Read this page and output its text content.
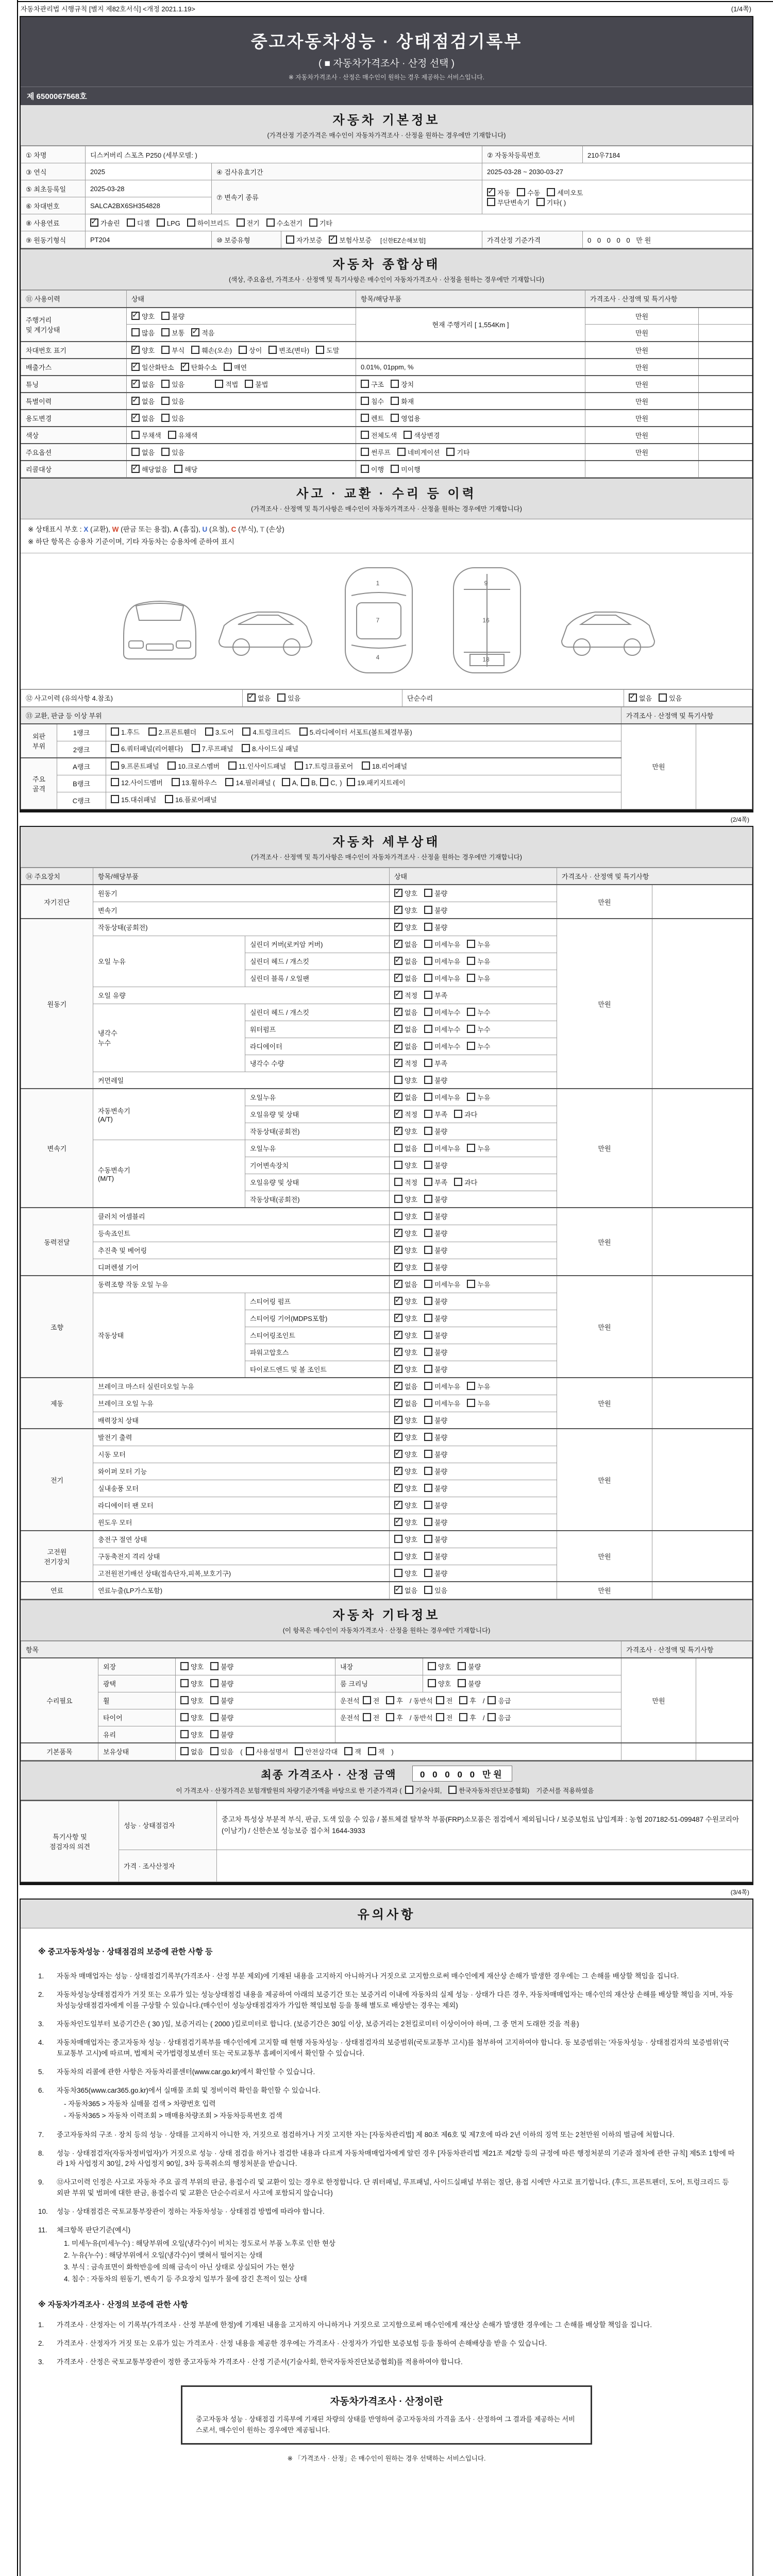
자동차관리법 시행규칙 [별지 제82호서식] <개정 2021.1.19>	(1/4쪽)
중고자동차성능 · 상태점검기록부
( ■ 자동차가격조사 · 산정 선택 )
※ 자동차가격조사 · 산정은 매수인이 원하는 경우 제공하는 서비스입니다.
제 6500067568호
자동차 기본정보
(가격산정 기준가격은 매수인이 자동차가격조사 · 산정을 원하는 경우에만 기재합니다)
① 차명	디스커버리 스포츠 P250 (세부모델: )			② 자동차등록번호	210우7184
③ 연식	2025	④ 검사유효기간		2025-03-28 ~ 2030-03-27	
⑤ 최초등록일	2025-03-28	⑦ 변속기 종류	✓자동 수동 세미오토
무단변속기 기타( )
⑥ 차대번호	SALCA2BX6SH354828				
⑧ 사용연료	✓가솔린 디젤 LPG 하이브리드 전기 수소전기 기타
⑨ 원동기형식	PT204	⑩ 보증유형	자가보증 ✓ 보험사보증 [신한EZ손해보험]	가격산정 기준가격	0 0 0 0 0 만원
자동차 종합상태
(색상, 주요옵션, 가격조사 · 산정액 및 특기사항은 매수인이 자동차가격조사 · 산정을 원하는 경우에만 기재합니다)
⑪ 사용이력	상태	항목/해당부품	가격조사 · 산정액 및 특기사항	
주행거리
및 계기상태	✓양호 불량	현재 주행거리 [ 1,554Km ]	만원	
	많음 보통 ✓ 적음		만원	
차대번호 표기	✓양호 부식 훼손(오손) 상이 변조(변타) 도말		만원	
배출가스	✓일산화탄소 ✓ 탄화수소 매연	0.01%, 01ppm, %	만원	
튜닝	✓없음 있음 적법 불법	구조 장치	만원	
특별이력	✓없음 있음	침수 화재	만원	
용도변경	✓없음 있음	렌트 영업용	만원	
색상	무채색 유채색	전체도색 색상변경	만원	
주요옵션	없음 있음	썬루프 네비게이션 기타	만원	
리콜대상	✓해당없음 해당	이행 미이행		
사고 · 교환 · 수리 등 이력
(가격조사 · 산정액 및 특기사항은 매수인이 자동차가격조사 · 산정을 원하는 경우에만 기재합니다)
※ 상태표시 부호 : X (교환), W (판금 또는 용접), A (흠집), U (요철), C (부식), T (손상)
※ 하단 항목은 승용차 기준이며, 기타 자동차는 승용차에 준하여 표시
1
7
4
9
16
18
⑫ 사고이력 (유의사항 4.참조)	✓없음	있음	단순수리	✓없음	있음
⑬ 교환, 판금 등 이상 부위			가격조사 · 산정액 및 특기사항	
외판
부위	1랭크	1.후드 2.프론트휀더 3.도어 4.트렁크리드 5.라디에이터 서포트(볼트체결부품)	만원	
	2랭크	6.쿼터패널(리어휀다) 7.루프패널 8.사이드실 패널		
주요
골격	A랭크	9.프론트패널 10.크로스멤버 11.인사이드패널 17.트렁크플로어 18.리어패널		
	B랭크	12.사이드멤버 13.휠하우스 14.필러패널 ( A, B, C, ) 19.패키지트레이		
	C랭크	15.대쉬패널 16.플로어패널		
(2/4쪽)
자동차 세부상태
(가격조사 · 산정액 및 특기사항은 매수인이 자동차가격조사 · 산정을 원하는 경우에만 기재합니다)
⑭ 주요장치	항목/해당부품		상태	가격조사 · 산정액 및 특기사항	
자기진단	원동기	✓양호 불량	만원	
	변속기	✓양호 불량
원동기	작동상태(공회전)	✓양호 불량	만원	
	오일 누유	실린더 커버(로커암 커버)	✓없음 미세누유 누유
		실린더 헤드 / 개스킷	✓없음 미세누유 누유
		실린더 블록 / 오일팬	✓없음 미세누유 누유
	오일 유량	✓적정 부족
	냉각수
누수	실린더 헤드 / 개스킷	✓없음 미세누수 누수
		워터펌프	✓없음 미세누수 누수
		라디에이터	✓없음 미세누수 누수
		냉각수 수량	✓적정 부족
	커먼레일		양호 불량		
변속기	자동변속기
(A/T)	오일누유	✓없음 미세누유 누유	만원	
		오일유량 및 상태	✓적정 부족 과다
		작동상태(공회전)	✓양호 불량
	수동변속기
(M/T)	오일누유	없음 미세누유 누유		
		기어변속장치	양호 불량		
		오일유량 및 상태	적정 부족 과다		
		작동상태(공회전)	양호 불량		
동력전달	클러치 어셈블리		양호 불량	만원	
	등속죠인트	✓양호 불량
	추진축 및 베어링	✓양호 불량
	디퍼렌셜 기어	✓양호 불량
조향	동력조향 작동 오일 누유	✓없음 미세누유 누유	만원	
	작동상태	스티어링 펌프	✓양호 불량
		스티어링 기어(MDPS포함)	✓양호 불량
		스티어링조인트	✓양호 불량
		파워고압호스	✓양호 불량
		타이로드엔드 및 볼 조인트	✓양호 불량
제동	브레이크 마스터 실린더오일 누유	✓없음 미세누유 누유	만원	
	브레이크 오일 누유	✓없음 미세누유 누유
	배력장치 상태	✓양호 불량
전기	발전기 출력	✓양호 불량	만원	
	시동 모터	✓양호 불량
	와이퍼 모터 기능	✓양호 불량
	실내송풍 모터	✓양호 불량
	라디에이터 팬 모터	✓양호 불량
	윈도우 모터	✓양호 불량
고전원
전기장치	충전구 절연 상태		양호 불량	만원	
	구동축전지 격리 상태		양호 불량		
	고전원전기배선 상태(접속단자,피복,보호기구)		양호 불량		
연료	연료누출(LP가스포함)	✓없음 있음	만원	
자동차 기타정보
(이 항목은 매수인이 자동차가격조사 · 산정을 원하는 경우에만 기재합니다)
항목					가격조사 · 산정액 및 특기사항	
수리필요	외장	양호 불량	내장	양호 불량	만원	
	광택	양호 불량	룸 크리닝	양호 불량		
	휠	양호 불량	운전석 전 후 / 동반석 전 후 / 응급			
	타이어	양호 불량	운전석 전 후 / 동반석 전 후 / 응급			
	유리	양호 불량				
기본품목	보유상태	없음 있음 ( 사용설명서 안전삼각대 잭 잭 )				
최종 가격조사 · 산정 금액	0 0 0 0 0 만원
이 가격조사 · 산정가격은 보험개발원의 차량기준가액을 바탕으로 한 기준가격과 ( 기술사회,	한국자동차진단보증협회) 기준서를 적용하였음
특기사항 및
점검자의 의견	성능 · 상태점검자	중고차 특성상 부분적 부식, 판금, 도색 있을 수 있음 / 볼트체결 탈부착 부품(FRP)소모품은 점검에서 제외됩니다 / 보증보험료 납입계좌 : 농협 207182-51-099487 수원코리아(이남기) / 신한손보 성능보증 접수처 1644-3933
	가격 · 조사산정자	
(3/4쪽)
유의사항
※ 중고자동차성능 · 상태점검의 보증에 관한 사항 등
1.	자동차 매매업자는 성능 · 상태점검기록부(가격조사 · 산정 부분 제외)에 기재된 내용을 고지하지 아니하거나 거짓으로 고지함으로써 매수인에게 재산상 손해가 발생한 경우에는 그 손해를 배상할 책임을 집니다.
2.	자동차성능상태점검자가 거짓 또는 오류가 있는 성능상태점검 내용을 제공하여 아래의 보증기간 또는 보증거리 이내에 자동차의 실제 성능 · 상태가 다른 경우, 자동차매매업자는 매수인의 재산상 손해를 배상할 책임을 지며, 자동차성능상태점검자에게 이를 구상할 수 있습니다.(매수인이 성능상태점검자가 가입한 책임보험 등을 통해 별도로 배상받는 경우는 제외)
3.	자동차인도일부터 보증기간은 ( 30 )일, 보증거리는 ( 2000 )킬로미터로 합니다. (보증기간은 30일 이상, 보증거리는 2천킬로미터 이상이어야 하며, 그 중 먼저 도래한 것을 적용)
4.	자동차매매업자는 중고자동차 성능 · 상태점검기록부를 매수인에게 고지할 때 현행 자동차성능 · 상태점검자의 보증범위(국토교통부 고시)를 첨부하여 고지하여야 합니다. 동 보증범위는 '자동차성능 · 상태점검자의 보증범위'(국토교통부 고시)에 따르며, 법제처 국가법령정보센터 또는 국토교통부 홈페이지에서 확인할 수 있습니다.
5.	자동차의 리콜에 관한 사항은 자동차리콜센터(www.car.go.kr)에서 확인할 수 있습니다.
6.	자동차365(www.car365.go.kr)에서 실매물 조회 및 정비이력 확인을 확인할 수 있습니다.
- 자동차365 > 자동차 실매물 검색 > 차량번호 입력
- 자동차365 > 자동차 이력조회 > 매매용차량조회 > 자동차등록번호 검색
7.	중고자동차의 구조 · 장치 등의 성능 · 상태를 고지하지 아니한 자, 거짓으로 점검하거나 거짓 고지한 자는 [자동차관리법] 제 80조 제6호 및 제7호에 따라 2년 이하의 징역 또는 2천만원 이하의 벌금에 처합니다.
8.	성능 · 상태점검자(자동차정비업자)가 거짓으로 성능 · 상태 점검을 하거나 점검한 내용과 다르게 자동차매매업자에게 알린 경우 [자동차관리법 제21조 제2항 등의 규정에 따른 행정처분의 기준과 절차에 관한 규칙] 제5조 1항에 따라 1차 사업정지 30일, 2차 사업정지 90일, 3차 등록취소의 행정처분을 받습니다.
9.	⑫사고이력 인정은 사고로 자동차 주요 골격 부위의 판금, 용접수리 및 교환이 있는 경우로 한정합니다. 단 쿼터패널, 루프패널, 사이드실패널 부위는 절단, 용접 시에만 사고로 표기합니다. (후드, 프론트펜더, 도어, 트렁크리드 등 외판 부위 및 범퍼에 대한 판금, 용접수리 및 교환은 단순수리로서 사고에 포함되지 않습니다)
10.	성능 · 상태점검은 국토교통부장관이 정하는 자동차성능 · 상태점검 방법에 따라야 합니다.
11.	체크항목 판단기준(예시)
1. 미세누유(미세누수) : 해당부위에 오일(냉각수)이 비치는 정도로서 부품 노후로 인한 현상
2. 누유(누수) : 해당부위에서 오일(냉각수)이 맺혀서 떨어지는 상태
3. 부식 : 금속표면이 화학반응에 의해 금속이 아닌 상태로 상실되어 가는 현상
4. 침수 : 자동차의 원동기, 변속기 등 주요장치 일부가 물에 잠긴 흔적이 있는 상태
※ 자동차가격조사 · 산정의 보증에 관한 사항
1.	가격조사 · 산정자는 이 기록부(가격조사 · 산정 부분에 한정)에 기재된 내용을 고지하지 아니하거나 거짓으로 고지함으로써 매수인에게 재산상 손해가 발생한 경우에는 그 손해를 배상할 책임을 집니다.
2.	가격조사 · 산정자가 거짓 또는 오류가 있는 가격조사 · 산정 내용을 제공한 경우에는 가격조사 · 산정자가 가입한 보증보험 등을 통하여 손해배상을 받을 수 있습니다.
3.	가격조사 · 산정은 국토교통부장관이 정한 중고자동차 가격조사 · 산정 기준서(기술사회, 한국자동차진단보증협회)를 적용하여야 합니다.
자동차가격조사 · 산정이란
중고자동차 성능 · 상태점검 기록부에 기재된 차량의 상태를 반영하여 중고자동차의 가격을 조사 · 산정하여 그 결과를 제공하는 서비스로서, 매수인이 원하는 경우에만 제공됩니다.
※ 「가격조사 · 산정」은 매수인이 원하는 경우 선택하는 서비스입니다.
